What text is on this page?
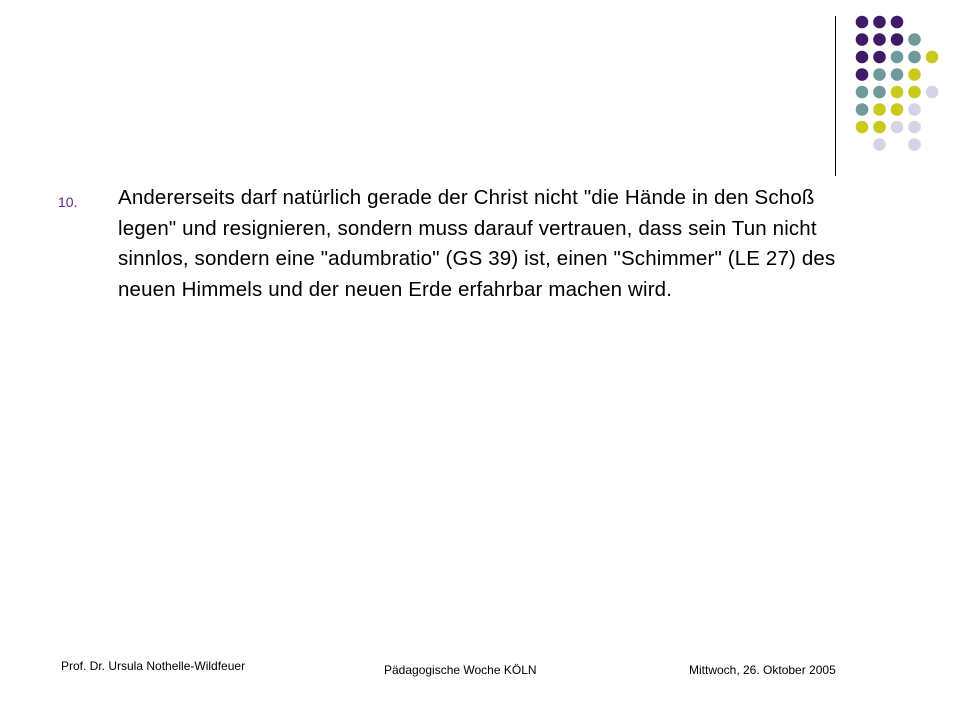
10.	Andererseits darf natürlich gerade der Christ nicht "die Hände in den Schoß legen" und resignieren, sondern muss darauf vertrauen, dass sein Tun nicht sinnlos, sondern eine "adumbratio" (GS 39) ist, einen "Schimmer" (LE 27) des neuen Himmels und der neuen Erde erfahrbar machen wird.
Prof. Dr. Ursula Nothelle-Wildfeuer	Pädagogische Woche KÖLN	Mittwoch, 26. Oktober 2005
